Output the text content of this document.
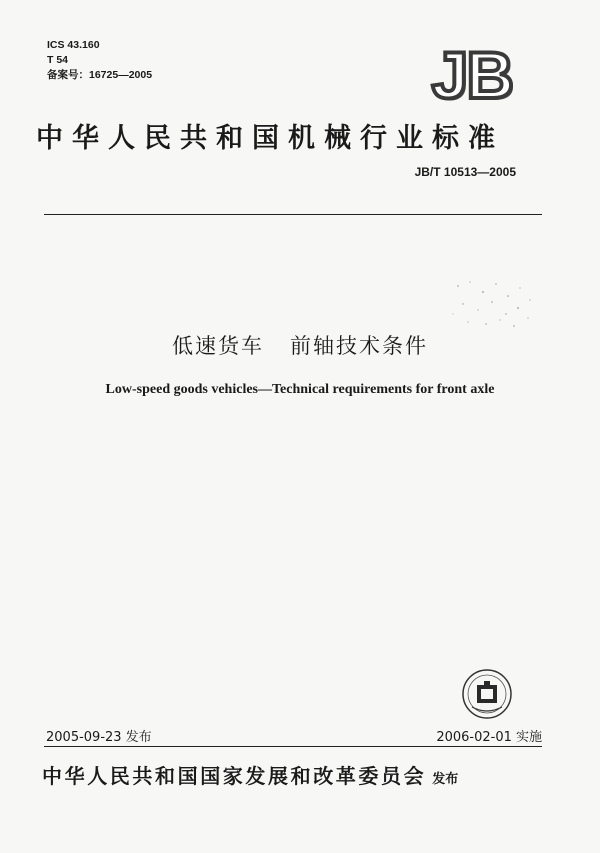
ICS 43.160
T 54
备案号：16725—2005	JB
中华人民共和国机械行业标准
JB/T 10513—2005
低速货车   前轴技术条件
Low-speed goods vehicles—Technical requirements for front axle
2005-09-23 发布	2006-02-01 实施
中华人民共和国国家发展和改革委员会 发布
